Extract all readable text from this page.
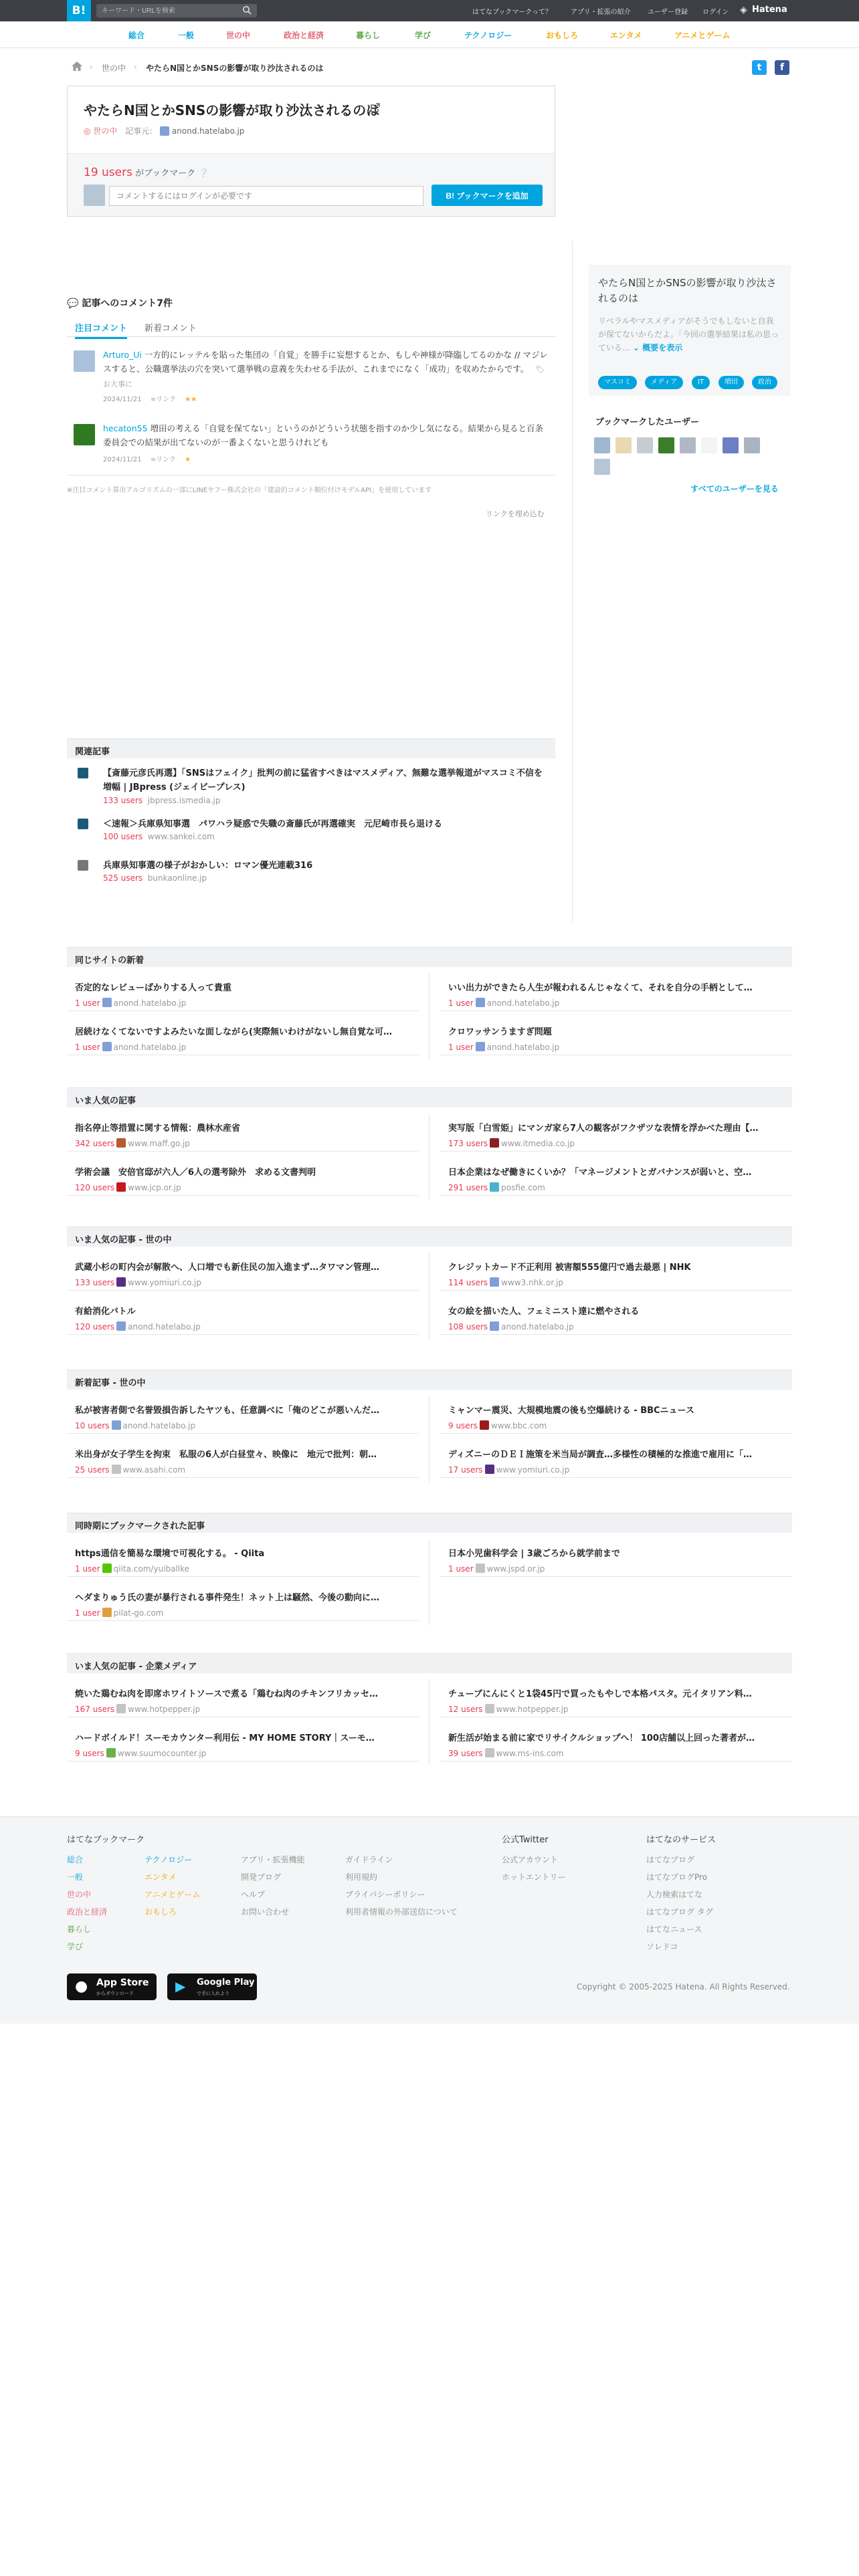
B!
キーワード・URLを検索	はてなブックマークって？	アプリ・拡張の紹介	ユーザー登録 ログイン ◈ Hatena
総合	一般	世の中	政治と経済	暮らし	学び	テクノロジー	おもしろ	エンタメ	アニメとゲーム
› 世の中 › やたらN国とかSNSの影響が取り沙汰されるのは	t	f
やたらN国とかSNSの影響が取り沙汰されるのは
◎ 世の中 記事元：  anond.hatelabo.jp
19 users がブックマーク ❔
コメントするにはログインが必要です
B! ブックマークを追加
やたらN国とかSNSの影響が取り沙汰されるのは

リベラルやマスメディアがそうでもしないと自我が保てないからだよ。「今回の選挙結果は私の思っている… ⌄ 概要を表示

マスコミ	メディア	IT	増田	政治
ブックマークしたユーザー
すべてのユーザーを見る
💬 記事へのコメント7件
注目コメント 新着コメント
Arturo_Ui 一方的にレッテルを貼った集団の「自覚」を勝手に妄想するとか、もしや神様が降臨してるのかな // マジレスすると、公職選挙法の穴を突いて選挙戦の意義を失わせる手法が、これまでになく「成功」を収めたからです。 🏷お大事に
2024/11/21 ∞リンク ★★
hecaton55 増田の考える「自覚を保てない」というのがどういう状態を指すのか少し気になる。結果から見ると百条委員会での結果が出てないのが一番よくないと思うけれども
2024/11/21 ∞リンク ★
※注目コメント算出アルゴリズムの一部にLINEヤフー株式会社の「建設的コメント順位付けモデルAPI」を使用しています
リンクを埋め込む
関連記事
【斎藤元彦氏再選】「SNSはフェイク」批判の前に猛省すべきはマスメディア、無難な選挙報道がマスコミ不信を増幅 | JBpress (ジェイビープレス)
133 users jbpress.ismedia.jp
＜速報＞兵庫県知事選　パワハラ疑惑で失職の斎藤氏が再選確実　元尼崎市長ら退ける
100 users www.sankei.com
兵庫県知事選の様子がおかしい：ロマン優光連載316
525 users bunkaonline.jp
同じサイトの新着
否定的なレビューばかりする人って貴重
1 user anond.hatelabo.jp
いい出力ができたら人生が報われるんじゃなくて、それを自分の手柄として…
1 user anond.hatelabo.jp
居続けなくてないですよみたいな面しながら(実際無いわけがないし無自覚な可…
1 user anond.hatelabo.jp
クロワッサンうますぎ問題
1 user anond.hatelabo.jp
いま人気の記事
指名停止等措置に関する情報：農林水産省
342 users www.maff.go.jp
実写版「白雪姫」にマンガ家ら7人の観客がフクザツな表情を浮かべた理由【…
173 users www.itmedia.co.jp
学術会議　安倍官邸が六人／6人の選考除外　求める文書判明
120 users www.jcp.or.jp
日本企業はなぜ働きにくいか？「マネージメントとガバナンスが弱いと、空…
291 users posfie.com
いま人気の記事 - 世の中
武蔵小杉の町内会が解散へ、人口増でも新住民の加入進まず…タワマン管理…
133 users www.yomiuri.co.jp
クレジットカード不正利用 被害額555億円で過去最悪 | NHK
114 users www3.nhk.or.jp
有給消化バトル
120 users anond.hatelabo.jp
女の絵を描いた人、フェミニスト達に燃やされる
108 users anond.hatelabo.jp
新着記事 - 世の中
私が被害者側で名誉毀損告訴したヤツも、任意調べに「俺のどこが悪いんだ…
10 users anond.hatelabo.jp
ミャンマー震災、大規模地震の後も空爆続ける - BBCニュース
9 users www.bbc.com
米出身が女子学生を拘束　私服の6人が白昼堂々、映像に　地元で批判：朝…
25 users www.asahi.com
ディズニーのＤＥＩ施策を米当局が調査…多様性の積極的な推進で雇用に「…
17 users www.yomiuri.co.jp
同時期にブックマークされた記事
https通信を簡易な環境で可視化する。 - Qiita
1 user qiita.com/yuiballke
日本小児歯科学会 | 3歳ごろから就学前まで
1 user www.jspd.or.jp
ヘダまりゅう氏の妻が暴行される事件発生！ネット上は騒然、今後の動向に…
1 user pilat-go.com
いま人気の記事 - 企業メディア
焼いた鶏むね肉を即席ホワイトソースで煮る「鶏むね肉のチキンフリカッセ…
167 users www.hotpepper.jp
チューブにんにくと1袋45円で買ったもやしで本格パスタ。元イタリアン料…
12 users www.hotpepper.jp
ハードボイルド！スーモカウンター利用伝 - MY HOME STORY｜スーモ…
9 users www.suumocounter.jp
新生活が始まる前に家でリサイクルショップへ！ 100店舗以上回った著者が…
39 users www.ms-ins.com
はてなブックマーク
総合
一般
世の中
政治と経済
暮らし
学び
テクノロジー
エンタメ
アニメとゲーム
おもしろ
アプリ・拡張機能
開発ブログ
ヘルプ
お問い合わせ
ガイドライン
利用規約
プライバシーポリシー
利用者情報の外部送信について
公式アカウント
ホットエントリー
はてなブログ
はてなブログPro
人力検索はてな
はてなブログ タグ
はてなニュース
ソレドコ
公式Twitter	はてなのサービス
● App Store
からダウンロード	▶ Google Play
で手に入れよう
Copyright © 2005-2025 Hatena. All Rights Reserved.
